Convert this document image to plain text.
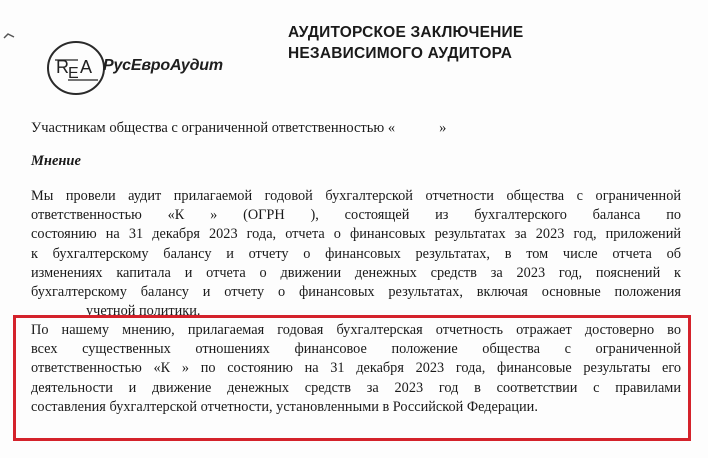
R E A РусЕвроАудит
АУДИТОРСКОЕ ЗАКЛЮЧЕНИЕ
НЕЗАВИСИМОГО АУДИТОРА
Участникам общества с ограниченной ответственностью «	»
Мнение
Мы провели аудит прилагаемой годовой бухгалтерской отчетности общества с ограниченной
ответственностью «К » (ОГРН ), состоящей из бухгалтерского баланса по
состоянию на 31 декабря 2023 года, отчета о финансовых результатах за 2023 год, приложений
к бухгалтерскому балансу и отчету о финансовых результатах, в том числе отчета об
изменениях капитала и отчета о движении денежных средств за 2023 год, пояснений к
бухгалтерскому балансу и отчету о финансовых результатах, включая основные положения
учетной политики.
По нашему мнению, прилагаемая годовая бухгалтерская отчетность отражает достоверно во
всех существенных отношениях финансовое положение общества с ограниченной
ответственностью «К » по состоянию на 31 декабря 2023 года, финансовые результаты его
деятельности и движение денежных средств за 2023 год в соответствии с правилами
составления бухгалтерской отчетности, установленными в Российской Федерации.
